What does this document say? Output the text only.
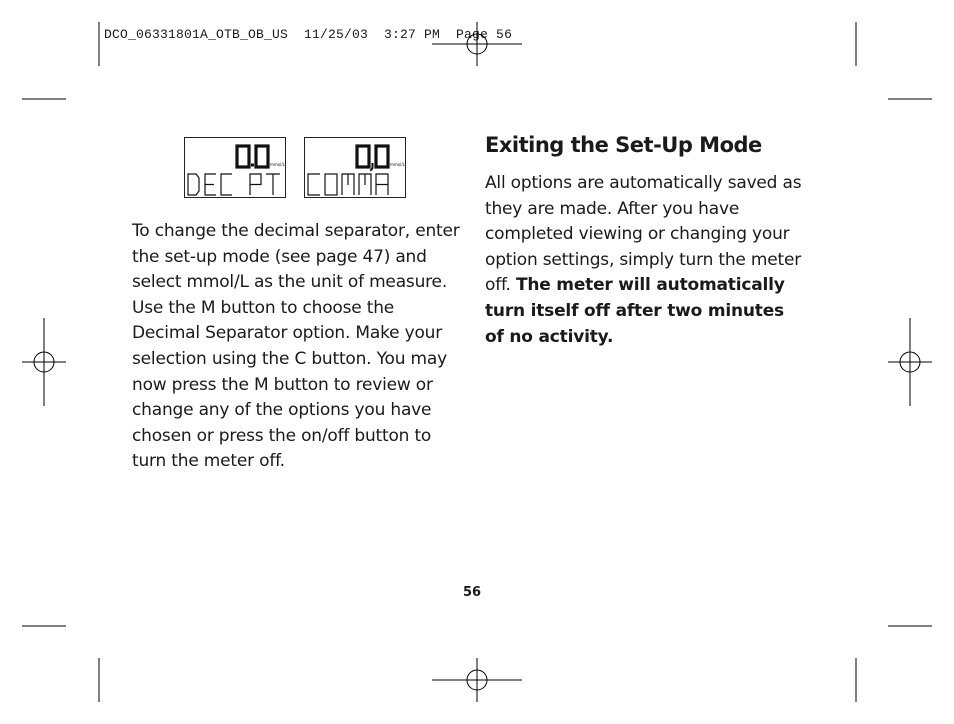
DCO_06331801A_OTB_OB_US  11/25/03  3:27 PM  Page 56
mmol/L	mmol/L
To change the decimal separator, enter the set-up mode (see page 47) and select mmol/L as the unit of measure. Use the M button to choose the Decimal Separator option. Make your selection using the C button. You may now press the M button to review or change any of the options you have chosen or press the on/off button to turn the meter off.
Exiting the Set-Up Mode
All options are automatically saved as they are made. After you have completed viewing or changing your option settings, simply turn the meter off. The meter will automatically turn itself off after two minutes of no activity.
56
